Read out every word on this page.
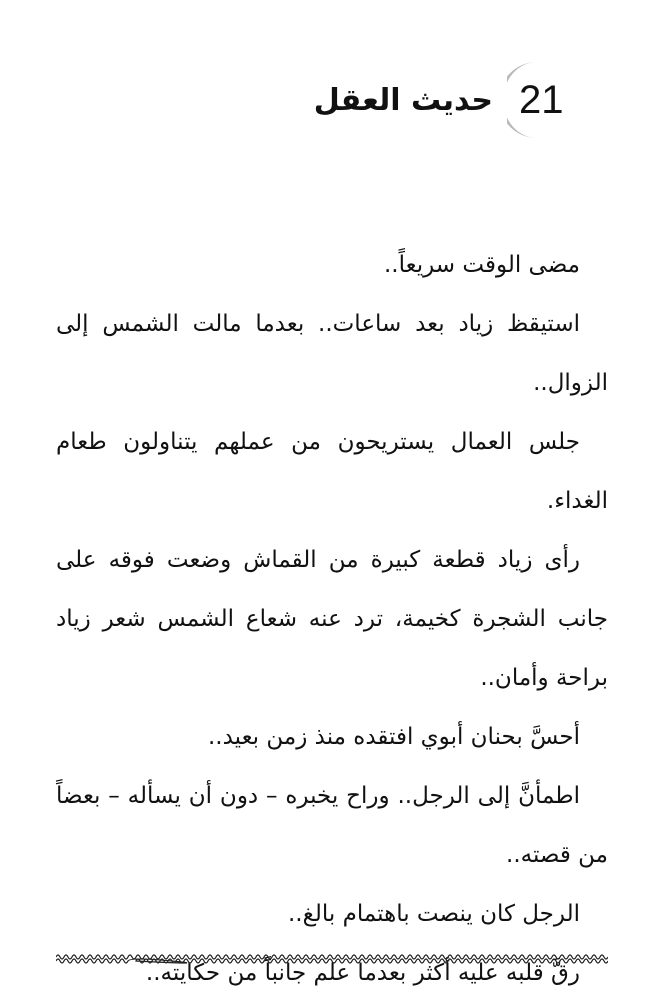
حديث العقل 21

مضى الوقت سريعاً..

استيقظ زياد بعد ساعات.. بعدما مالت الشمس إلى الزوال..

جلس العمال يستريحون من عملهم يتناولون طعام الغداء.

رأى زياد قطعة كبيرة من القماش وضعت فوقه على جانب الشجرة كخيمة، ترد عنه شعاع الشمس شعر زياد براحة وأمان..

أحسَّ بحنان أبوي افتقده منذ زمن بعيد..

اطمأنَّ إلى الرجل.. وراح يخبره – دون أن يسأله – بعضاً من قصته..

الرجل كان ينصت باهتمام بالغ..

رقَّ قلبه عليه أكثر بعدما علم جانباً من حكايته..
